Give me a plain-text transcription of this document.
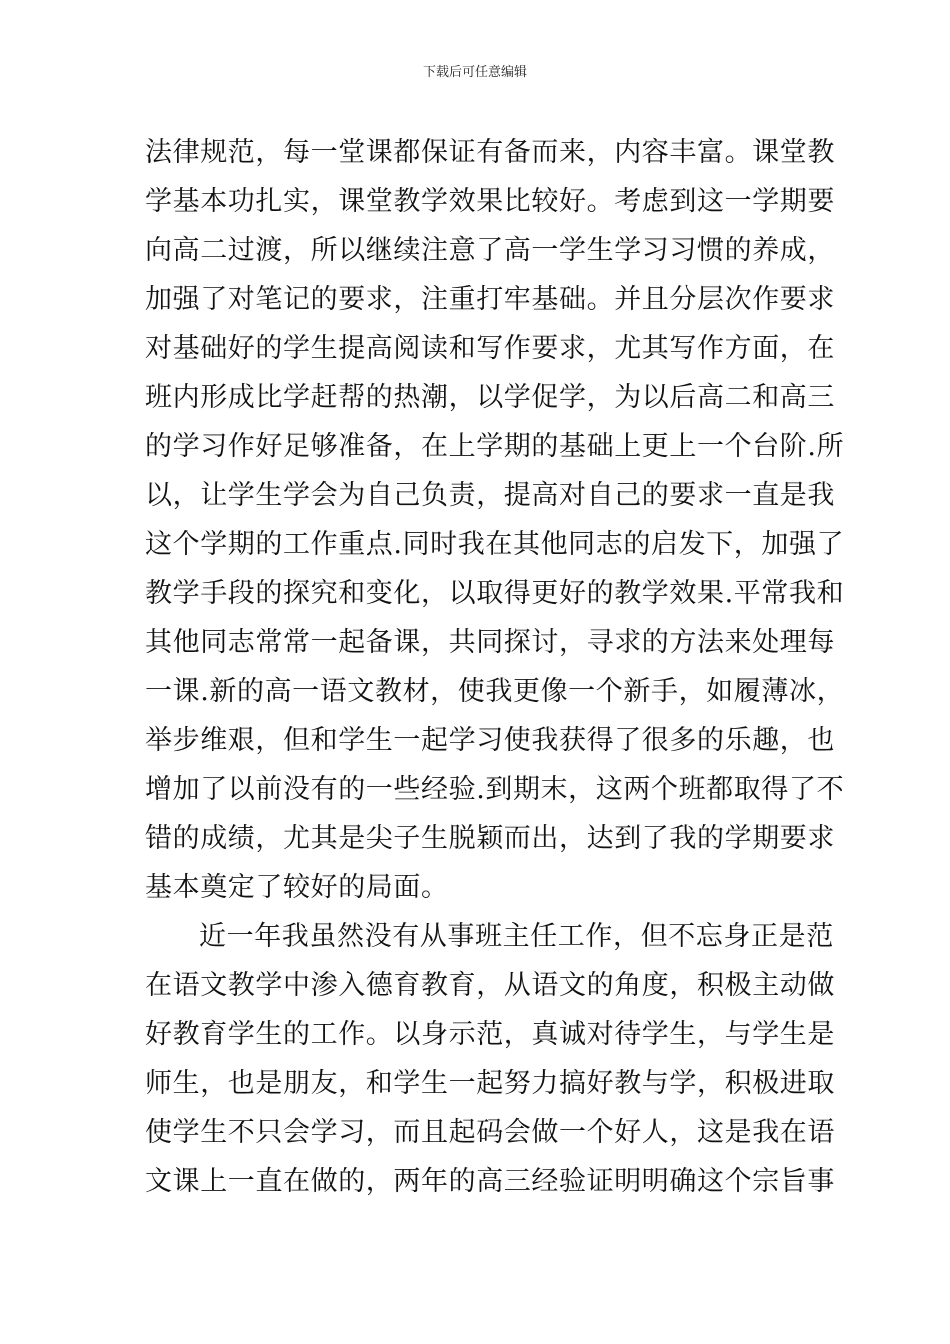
下载后可任意编辑
法律规范，每一堂课都保证有备而来，内容丰富。课堂教
学基本功扎实，课堂教学效果比较好。考虑到这一学期要
向高二过渡，所以继续注意了高一学生学习习惯的养成，
加强了对笔记的要求，注重打牢基础。并且分层次作要求
对基础好的学生提高阅读和写作要求，尤其写作方面，在
班内形成比学赶帮的热潮，以学促学，为以后高二和高三
的学习作好足够准备，在上学期的基础上更上一个台阶.所
以，让学生学会为自己负责，提高对自己的要求一直是我
这个学期的工作重点.同时我在其他同志的启发下，加强了
教学手段的探究和变化，以取得更好的教学效果.平常我和
其他同志常常一起备课，共同探讨，寻求的方法来处理每
一课.新的高一语文教材，使我更像一个新手，如履薄冰，
举步维艰，但和学生一起学习使我获得了很多的乐趣，也
增加了以前没有的一些经验.到期末，这两个班都取得了不
错的成绩，尤其是尖子生脱颖而出，达到了我的学期要求
基本奠定了较好的局面。
近一年我虽然没有从事班主任工作，但不忘身正是范
在语文教学中渗入德育教育，从语文的角度，积极主动做
好教育学生的工作。以身示范，真诚对待学生，与学生是
师生，也是朋友，和学生一起努力搞好教与学，积极进取
使学生不只会学习，而且起码会做一个好人，这是我在语
文课上一直在做的，两年的高三经验证明明确这个宗旨事
